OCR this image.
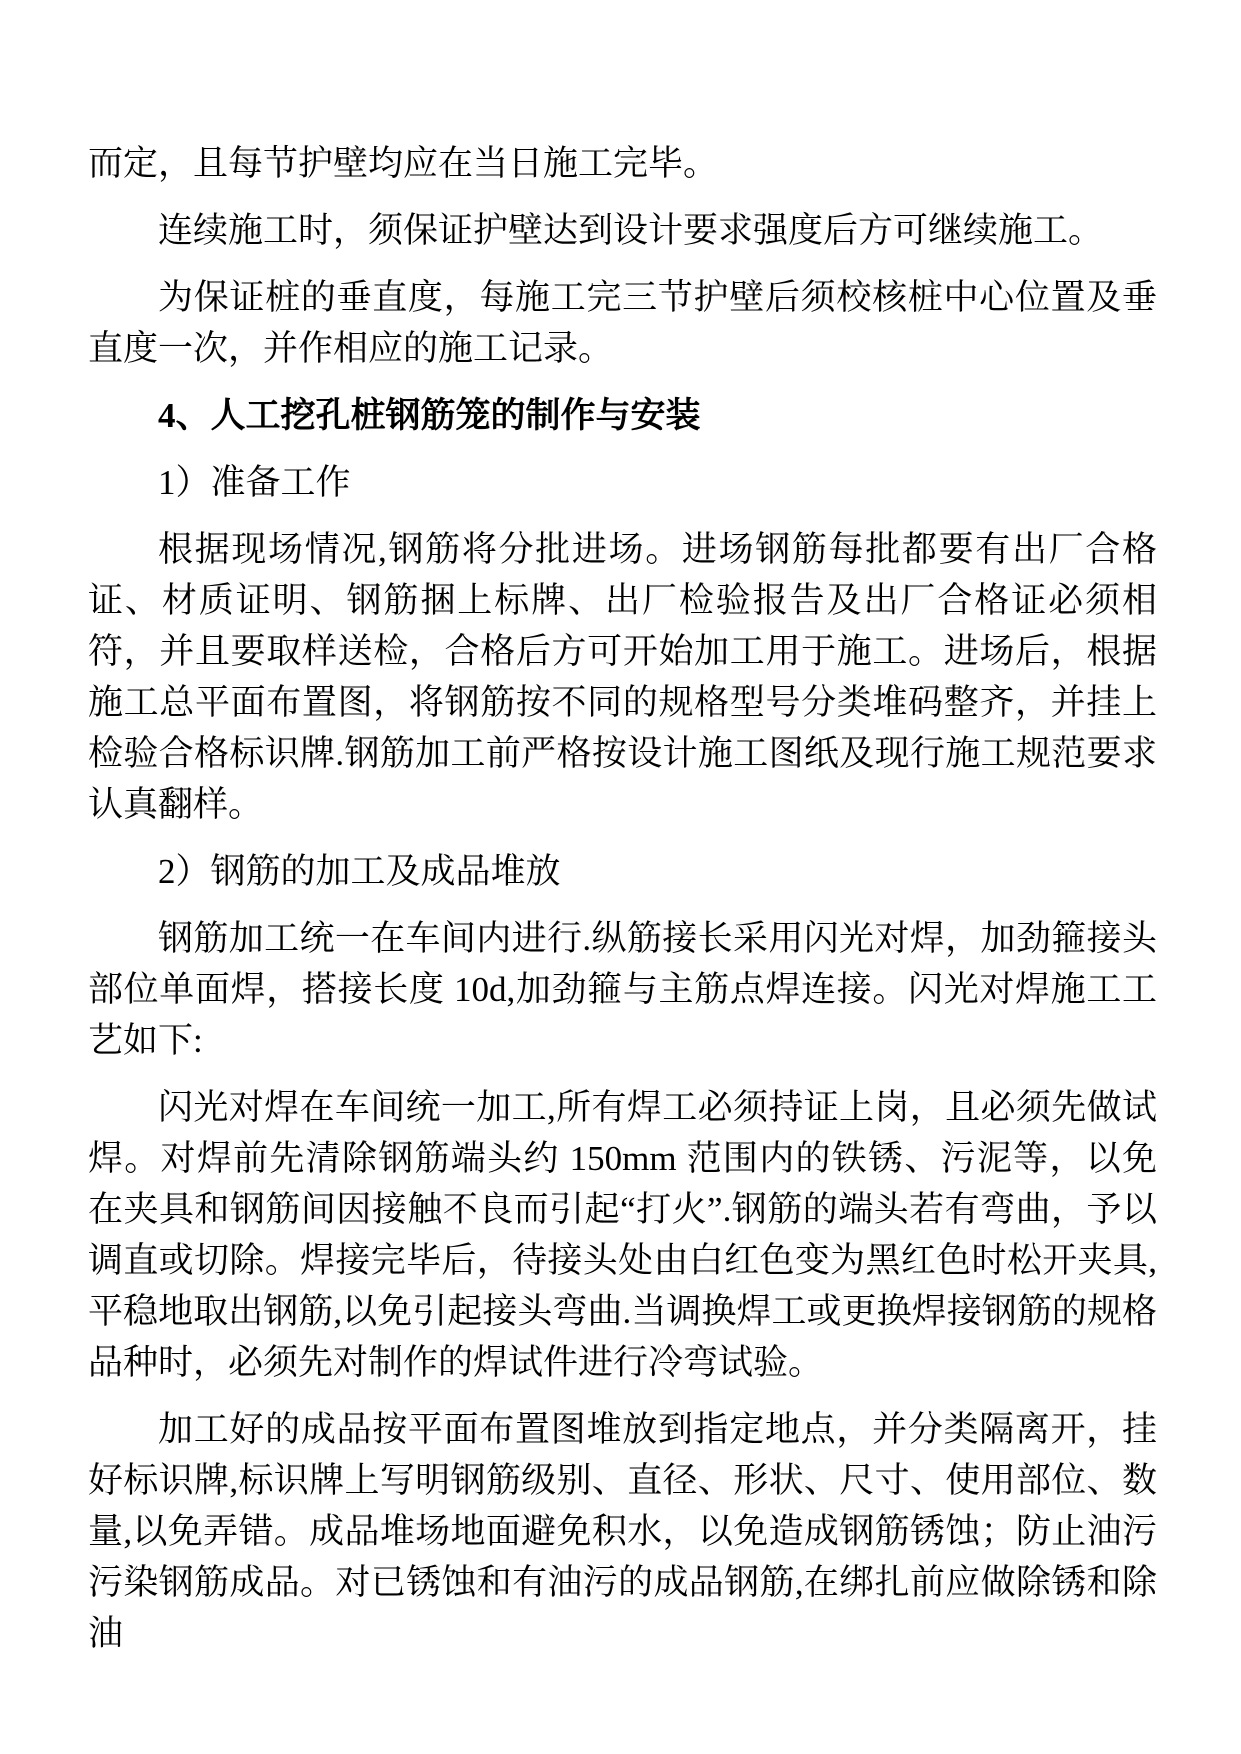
而定，且每节护壁均应在当日施工完毕。

连续施工时，须保证护壁达到设计要求强度后方可继续施工。

为保证桩的垂直度，每施工完三节护壁后须校核桩中心位置及垂直度一次，并作相应的施工记录。

4、人工挖孔桩钢筋笼的制作与安装

1）准备工作

根据现场情况,钢筋将分批进场。进场钢筋每批都要有出厂合格证、材质证明、钢筋捆上标牌、出厂检验报告及出厂合格证必须相符，并且要取样送检，合格后方可开始加工用于施工。进场后，根据施工总平面布置图，将钢筋按不同的规格型号分类堆码整齐，并挂上检验合格标识牌.钢筋加工前严格按设计施工图纸及现行施工规范要求认真翻样。

2）钢筋的加工及成品堆放

钢筋加工统一在车间内进行.纵筋接长采用闪光对焊，加劲箍接头部位单面焊，搭接长度 10d,加劲箍与主筋点焊连接。闪光对焊施工工艺如下:

闪光对焊在车间统一加工,所有焊工必须持证上岗，且必须先做试焊。对焊前先清除钢筋端头约 150mm 范围内的铁锈、污泥等，以免在夹具和钢筋间因接触不良而引起“打火”.钢筋的端头若有弯曲，予以调直或切除。焊接完毕后，待接头处由白红色变为黑红色时松开夹具,平稳地取出钢筋,以免引起接头弯曲.当调换焊工或更换焊接钢筋的规格品种时，必须先对制作的焊试件进行冷弯试验。

加工好的成品按平面布置图堆放到指定地点，并分类隔离开，挂好标识牌,标识牌上写明钢筋级别、直径、形状、尺寸、使用部位、数量,以免弄错。成品堆场地面避免积水，以免造成钢筋锈蚀；防止油污污染钢筋成品。对已锈蚀和有油污的成品钢筋,在绑扎前应做除锈和除油
